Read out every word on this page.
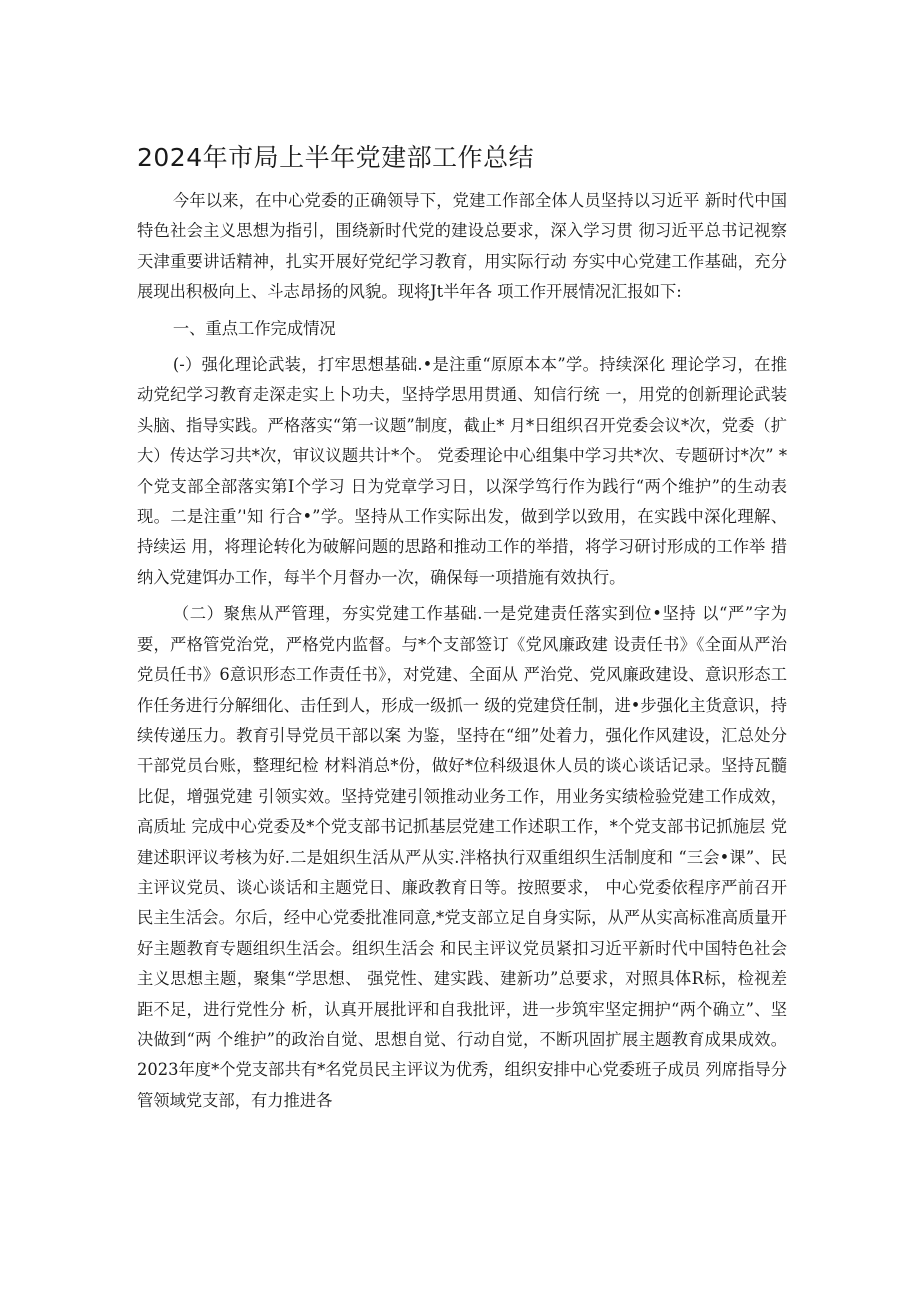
2024年市局上半年党建部工作总结

今年以来，在中心党委的正确领导下，党建工作部全体人员坚持以习近平 新时代中国特色社会主义思想为指引，围绕新时代党的建设总要求，深入学习贯 彻习近平总书记视察天津重要讲话精神，扎实开展好党纪学习教育，用实际行动 夯实中心党建工作基础，充分展现出积极向上、斗志昂扬的风貌。现将Jt半年各 项工作开展情况汇报如下:

一、重点工作完成情况

(-）强化理论武装，打牢思想基础.•是注重“原原本本”学。持续深化 理论学习，在推动党纪学习教育走深走实上卜功夫，坚持学思用贯通、知信行统 一，用党的创新理论武装头脑、指导实践。严格落实“第一议题”制度，截止* 月*日组织召开党委会议*次，党委（扩大）传达学习共*次，审议议题共计*个。 党委理论中心组集中学习共*次、专题研讨*次” *个党支部全部落实第I个学习 日为党章学习日，以深学笃行作为践行“两个维护”的生动表现。二是注重’'知 行合•”学。坚持从工作实际出发，做到学以致用，在实践中深化理解、持续运 用，将理论转化为破解问题的思路和推动工作的举措，将学习研讨形成的工作举 措纳入党建饵办工作，每半个月督办一次，确保每一项措施有效执行。

（二）聚焦从严管理，夯实党建工作基础.一是党建责任落实到位•坚持 以“严”字为要，严格管党治党，严格党内监督。与*个支部签订《党风廉政建 设责任书》《全面从严治党员任书》6意识形态工作责任书》，对党建、全面从 严治党、党风廉政建设、意识形态工作任务进行分解细化、击任到人，形成一级抓一 级的党建贷任制，进•步强化主货意识，持续传递压力。教育引导党员干部以案 为鉴，坚持在“细”处着力，强化作风建设，汇总处分干部党员台账，整理纪检 材料消总*份，做好*位科级退休人员的谈心谈话记录。坚持瓦髓比促，增强党建 引领实效。坚持党建引领推动业务工作，用业务实绩检验党建工作成效，高质址 完成中心党委及*个党支部书记抓基层党建工作述职工作，*个党支部书记抓施层 党建述职评议考核为好.二是姐织生活从严从实.泮格执行双重组织生活制度和 “三会•课”、民主评议党员、谈心谈话和主题党日、廉政教育日等。按照要求， 中心党委依程序严前召开民主生活会。尔后，经中心党委批准同意,*党支部立足自身实际，从严从实高标准高质量开好主题教育专题组织生活会。组织生活会 和民主评议党员紧扣习近平新时代中国特色社会主义思想主题，聚集“学思想、 强党性、建实践、建新功”总要求，对照具体R标，检视差距不足，进行党性分 析，认真开展批评和自我批评，进一步筑牢坚定拥护“两个确立”、坚决做到“两 个维护”的政治自觉、思想自觉、行动自觉，不断巩固扩展主题教育成果成效。 2023年度*个党支部共有*名党员民主评议为优秀，组织安排中心党委班子成员 列席指导分管领域党支部，有力推进各
